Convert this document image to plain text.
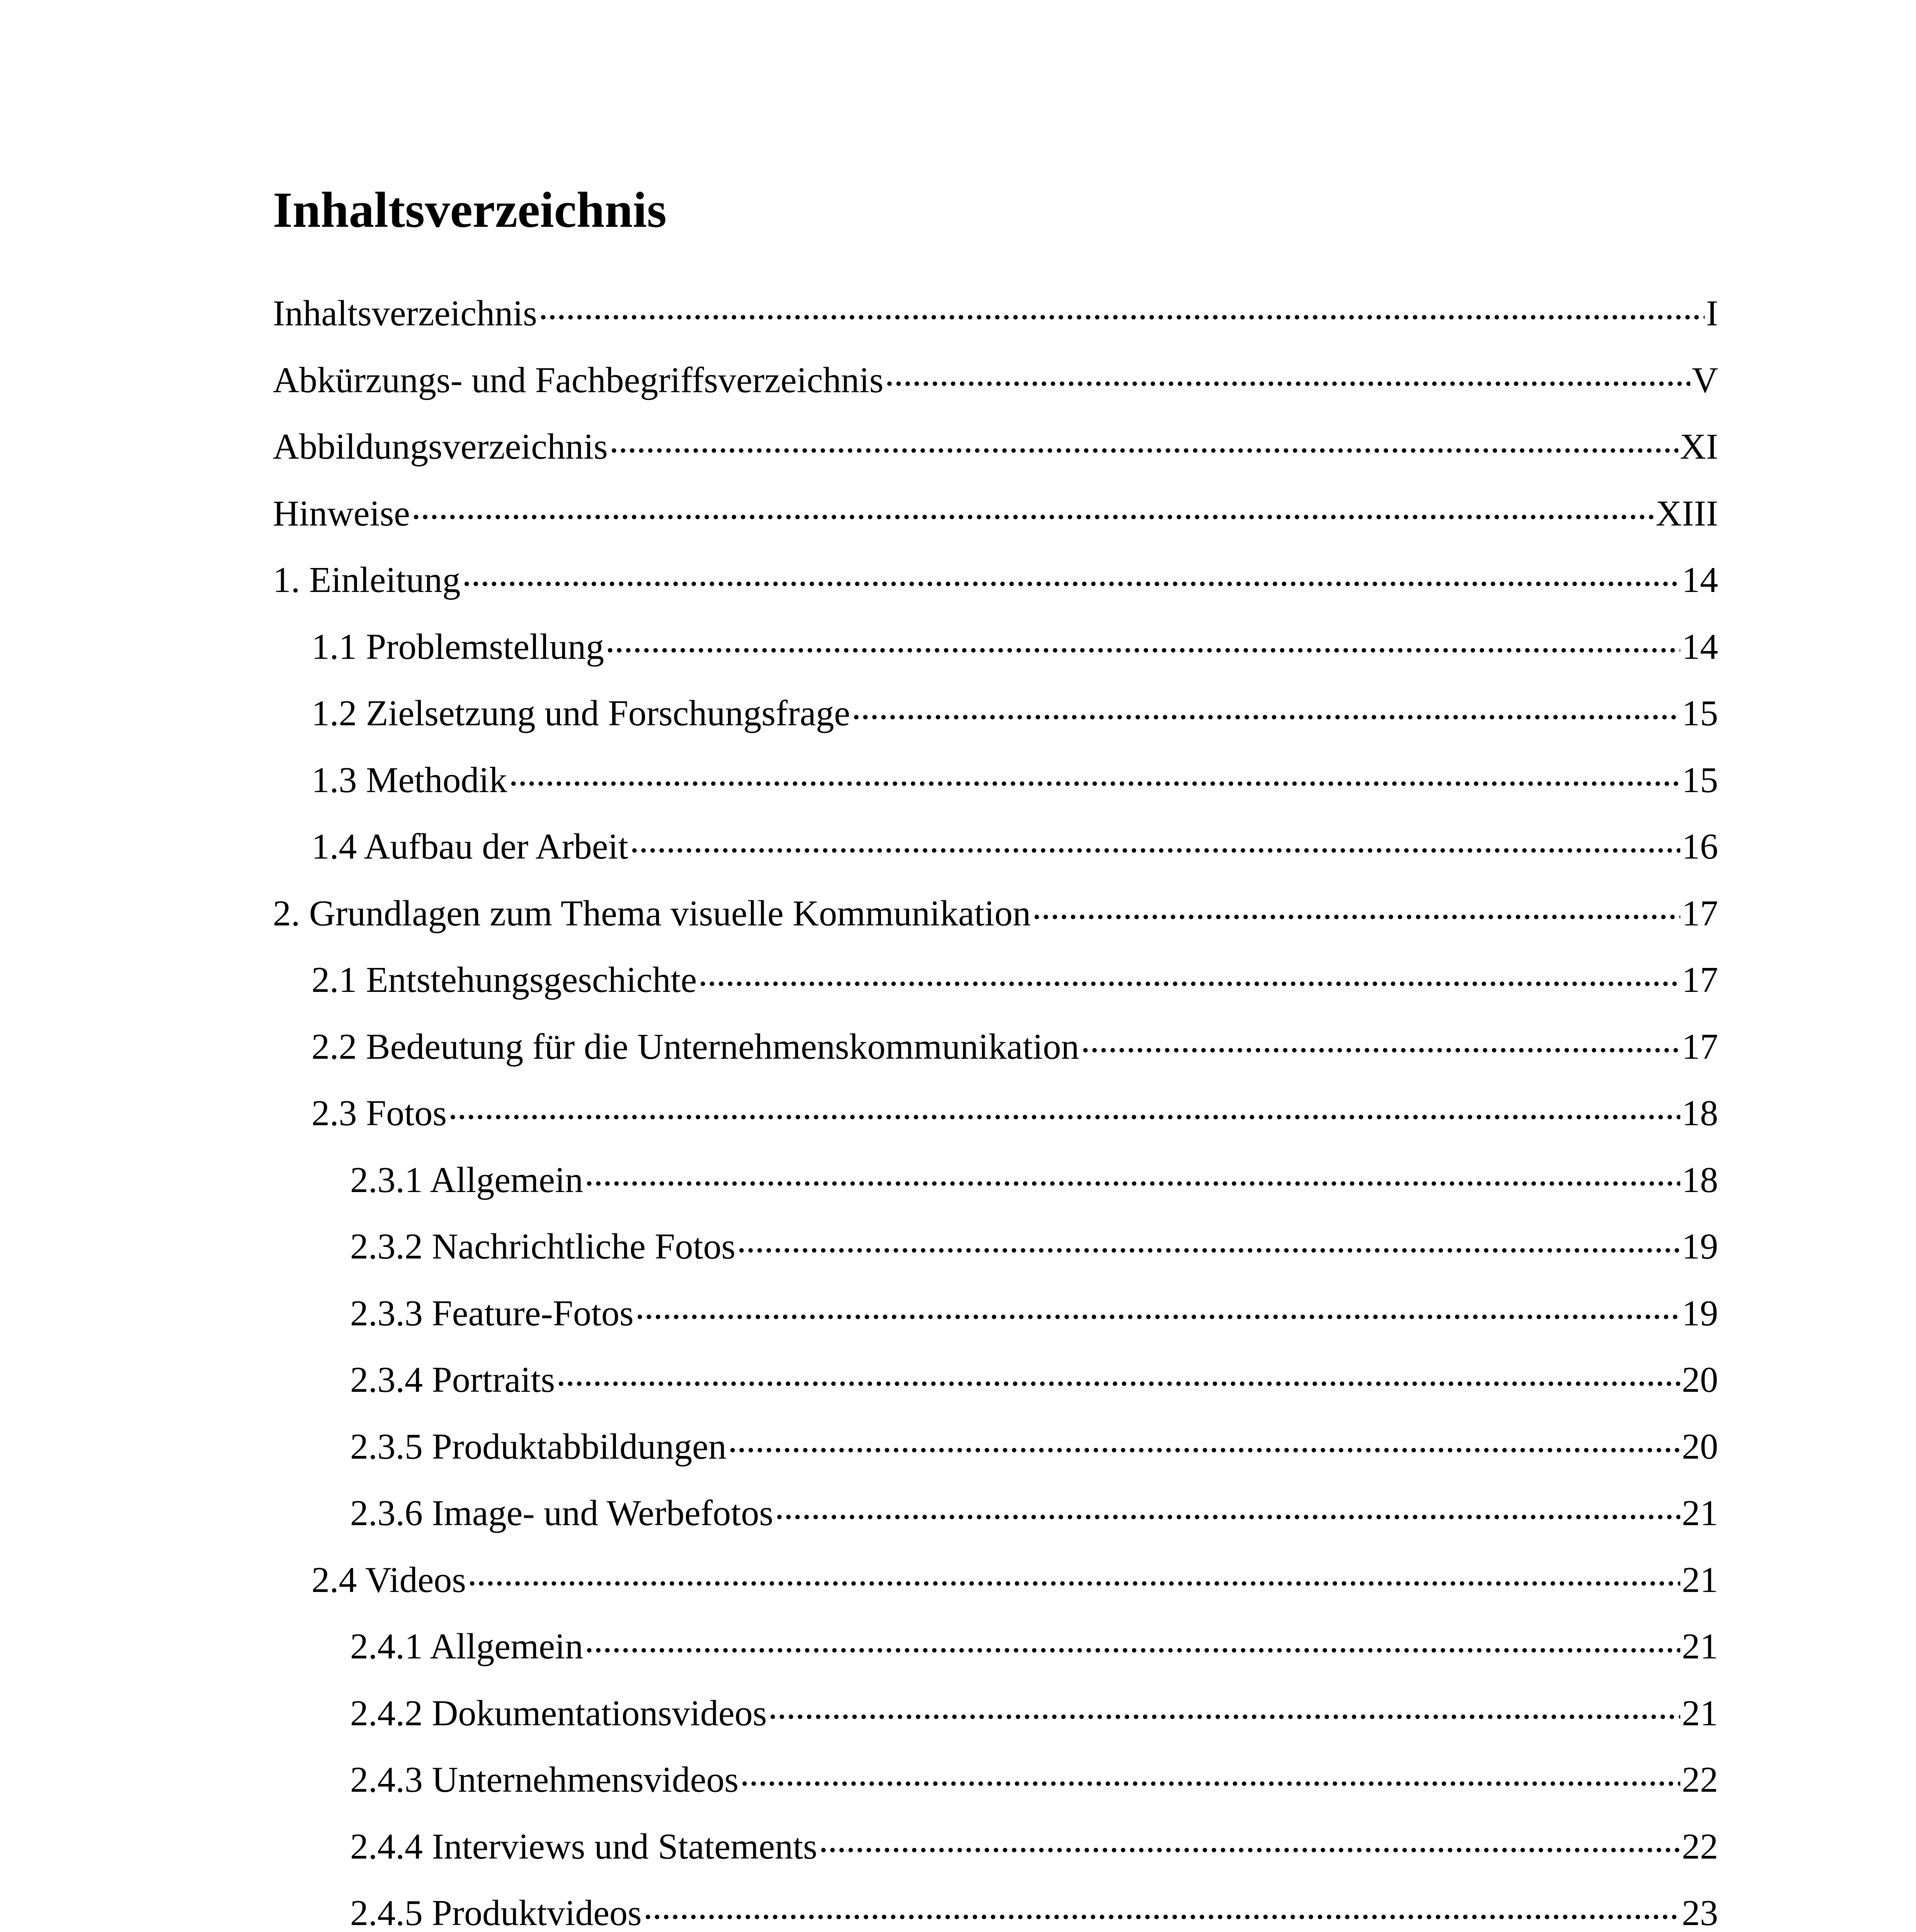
Inhaltsverzeichnis
Inhaltsverzeichnis	I
Abkürzungs- und Fachbegriffsverzeichnis	V
Abbildungsverzeichnis	XI
Hinweise	XIII
1. Einleitung	14
1.1 Problemstellung	14
1.2 Zielsetzung und Forschungsfrage	15
1.3 Methodik	15
1.4 Aufbau der Arbeit	16
2. Grundlagen zum Thema visuelle Kommunikation	17
2.1 Entstehungsgeschichte	17
2.2 Bedeutung für die Unternehmenskommunikation	17
2.3 Fotos	18
2.3.1 Allgemein	18
2.3.2 Nachrichtliche Fotos	19
2.3.3 Feature-Fotos	19
2.3.4 Portraits	20
2.3.5 Produktabbildungen	20
2.3.6 Image- und Werbefotos	21
2.4 Videos	21
2.4.1 Allgemein	21
2.4.2 Dokumentationsvideos	21
2.4.3 Unternehmensvideos	22
2.4.4 Interviews und Statements	22
2.4.5 Produktvideos	23
